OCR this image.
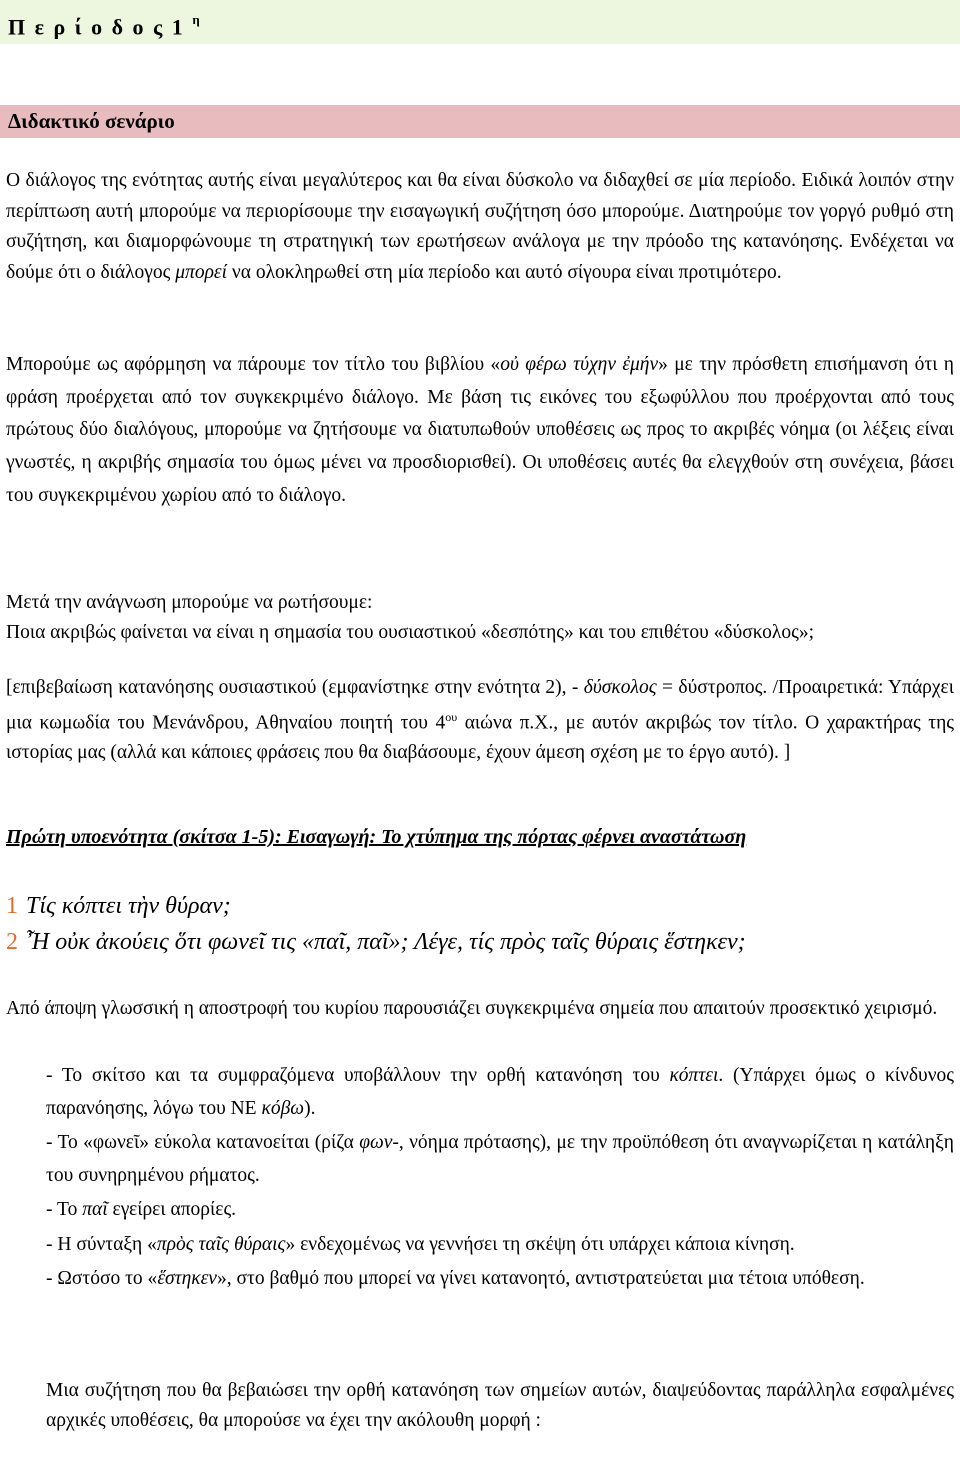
Π ε ρ ί ο δ ο ς 1 $^\eta$
Διδακτικό σενάριο

Ο διάλογος της ενότητας αυτής είναι μεγαλύτερος και θα είναι δύσκολο να διδαχθεί σε μία περίοδο. Ειδικά λοιπόν στην περίπτωση αυτή μπορούμε να περιορίσουμε την εισαγωγική συζήτηση όσο μπορούμε. Διατηρούμε τον γοργό ρυθμό στη συζήτηση, και διαμορφώνουμε τη στρατηγική των ερωτήσεων ανάλογα με την πρόοδο της κατανόησης. Ενδέχεται να δούμε ότι ο διάλογος μπορεί να ολοκληρωθεί στη μία περίοδο και αυτό σίγουρα είναι προτιμότερο.

Μπορούμε ως αφόρμηση να πάρουμε τον τίτλο του βιβλίου «οὐ φέρω τύχην ἐμήν» με την πρόσθετη επισήμανση ότι η φράση προέρχεται από τον συγκεκριμένο διάλογο. Με βάση τις εικόνες του εξωφύλλου που προέρχονται από τους πρώτους δύο διαλόγους, μπορούμε να ζητήσουμε να διατυπωθούν υποθέσεις ως προς το ακριβές νόημα (οι λέξεις είναι γνωστές, η ακριβής σημασία του όμως μένει να προσδιορισθεί). Οι υποθέσεις αυτές θα ελεγχθούν στη συνέχεια, βάσει του συγκεκριμένου χωρίου από το διάλογο.

Μετά την ανάγνωση μπορούμε να ρωτήσουμε:
Ποια ακριβώς φαίνεται να είναι η σημασία του ουσιαστικού «δεσπότης» και του επιθέτου «δύσκολος»;

[επιβεβαίωση κατανόησης ουσιαστικού (εμφανίστηκε στην ενότητα 2), - δύσκολος = δύστροπος. /Προαιρετικά: Υπάρχει μια κωμωδία του Μενάνδρου, Αθηναίου ποιητή του $4^{o\upsilon}$ αιώνα π.Χ., με αυτόν ακριβώς τον τίτλο. Ο χαρακτήρας της ιστορίας μας (αλλά και κάποιες φράσεις που θα διαβάσουμε, έχουν άμεση σχέση με το έργο αυτό). ]

Πρώτη υποενότητα (σκίτσα 1-5): Εισαγωγή: Το χτύπημα της πόρτας φέρνει αναστάτωση
1 Τίς κόπτει τὴν θύραν;
2 Ἦ οὐκ ἀκούεις ὅτι φωνεῖ τις «παῖ, παῖ»; Λέγε, τίς πρὸς ταῖς θύραις ἕστηκεν;

Από άποψη γλωσσική η αποστροφή του κυρίου παρουσιάζει συγκεκριμένα σημεία που απαιτούν προσεκτικό χειρισμό.

- Το σκίτσο και τα συμφραζόμενα υποβάλλουν την ορθή κατανόηση του κόπτει. (Υπάρχει όμως ο κίνδυνος παρανόησης, λόγω του ΝΕ κόβω).

- Το «φωνεῖ» εύκολα κατανοείται (ρίζα φων-, νόημα πρότασης), με την προϋπόθεση ότι αναγνωρίζεται η κατάληξη του συνηρημένου ρήματος.

- Το παῖ εγείρει απορίες.

- Η σύνταξη «πρὸς ταῖς θύραις» ενδεχομένως να γεννήσει τη σκέψη ότι υπάρχει κάποια κίνηση.

- Ωστόσο το «ἕστηκεν», στο βαθμό που μπορεί να γίνει κατανοητό, αντιστρατεύεται μια τέτοια υπόθεση.

Μια συζήτηση που θα βεβαιώσει την ορθή κατανόηση των σημείων αυτών, διαψεύδοντας παράλληλα εσφαλμένες αρχικές υποθέσεις, θα μπορούσε να έχει την ακόλουθη μορφή :
